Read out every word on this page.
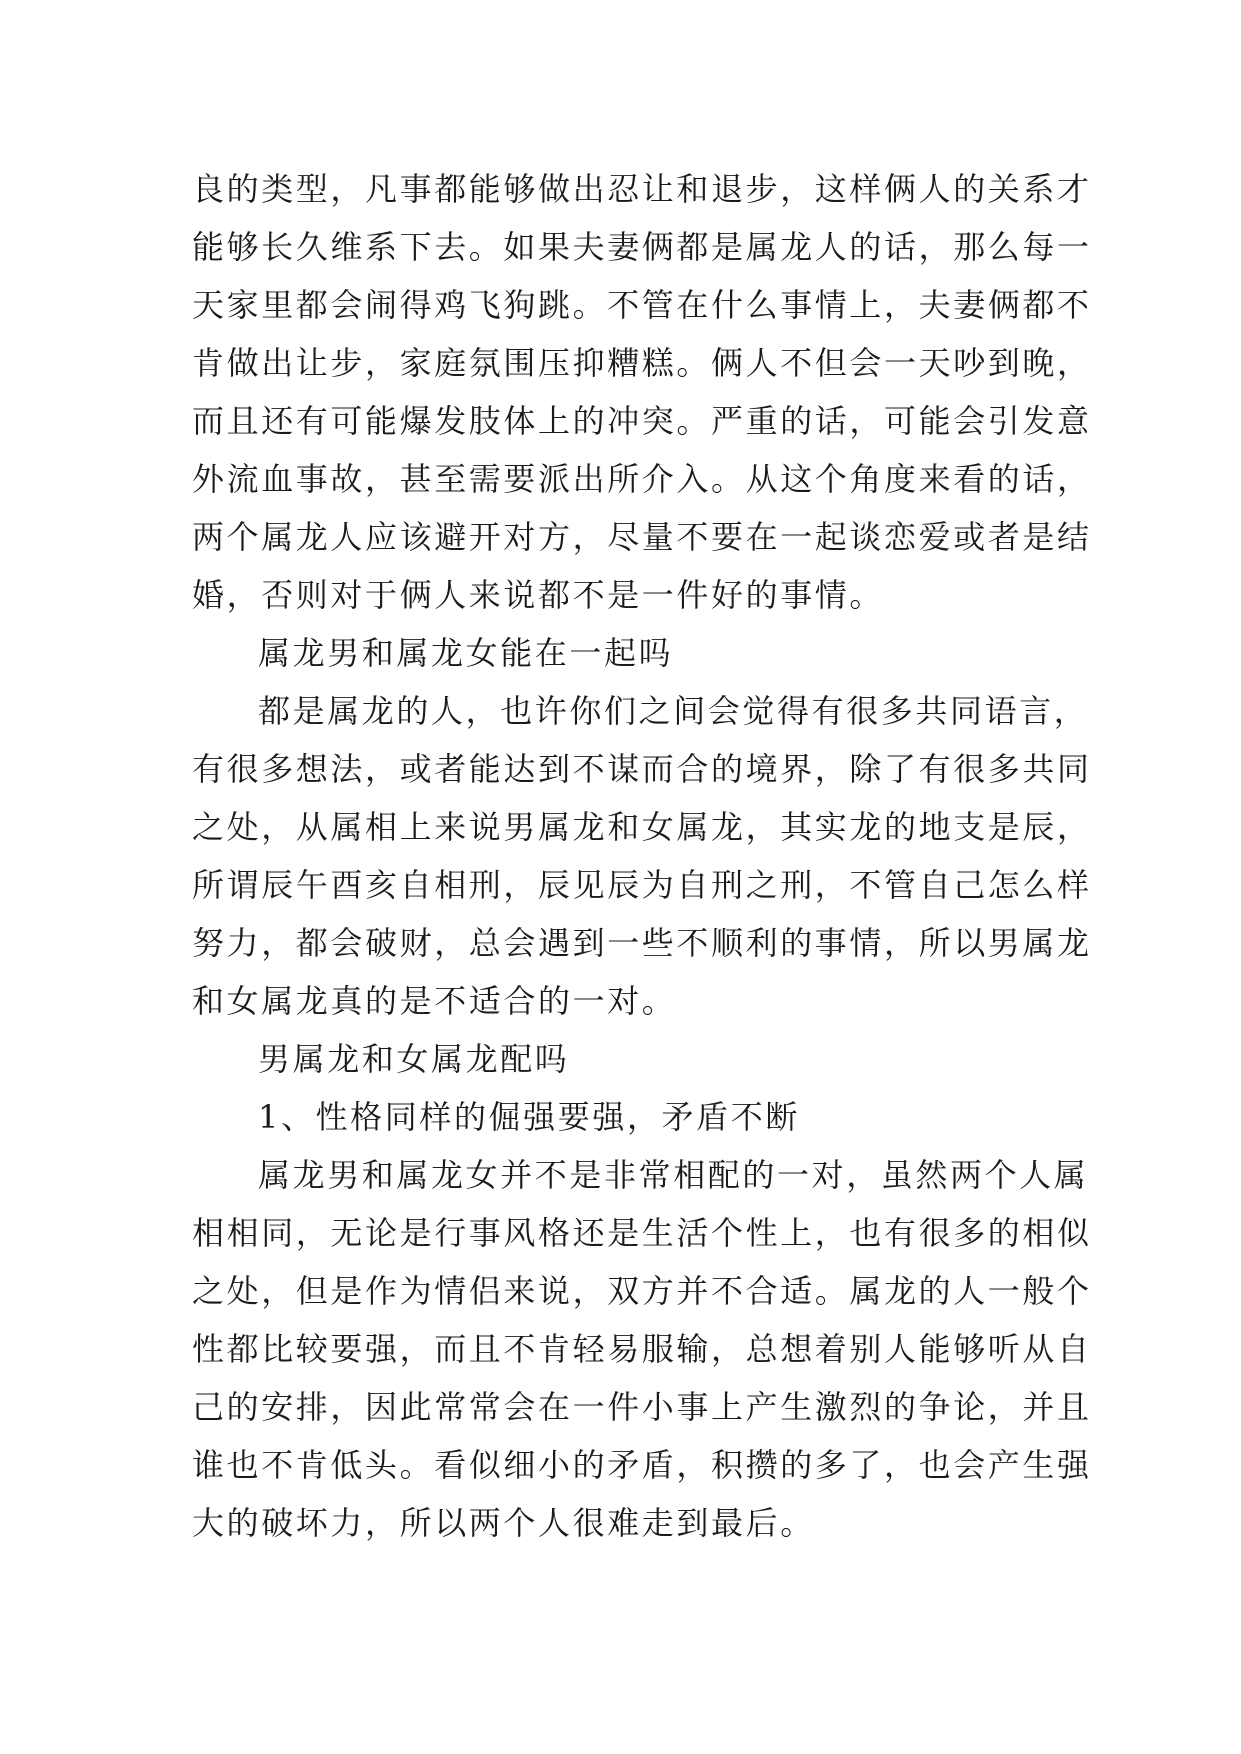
良的类型，凡事都能够做出忍让和退步，这样俩人的关系才
能够长久维系下去。如果夫妻俩都是属龙人的话，那么每一
天家里都会闹得鸡飞狗跳。不管在什么事情上，夫妻俩都不
肯做出让步，家庭氛围压抑糟糕。俩人不但会一天吵到晚，
而且还有可能爆发肢体上的冲突。严重的话，可能会引发意
外流血事故，甚至需要派出所介入。从这个角度来看的话，
两个属龙人应该避开对方，尽量不要在一起谈恋爱或者是结
婚，否则对于俩人来说都不是一件好的事情。
属龙男和属龙女能在一起吗
都是属龙的人，也许你们之间会觉得有很多共同语言，
有很多想法，或者能达到不谋而合的境界，除了有很多共同
之处，从属相上来说男属龙和女属龙，其实龙的地支是辰，
所谓辰午酉亥自相刑，辰见辰为自刑之刑，不管自己怎么样
努力，都会破财，总会遇到一些不顺利的事情，所以男属龙
和女属龙真的是不适合的一对。
男属龙和女属龙配吗
1、性格同样的倔强要强，矛盾不断
属龙男和属龙女并不是非常相配的一对，虽然两个人属
相相同，无论是行事风格还是生活个性上，也有很多的相似
之处，但是作为情侣来说，双方并不合适。属龙的人一般个
性都比较要强，而且不肯轻易服输，总想着别人能够听从自
己的安排，因此常常会在一件小事上产生激烈的争论，并且
谁也不肯低头。看似细小的矛盾，积攒的多了，也会产生强
大的破坏力，所以两个人很难走到最后。
